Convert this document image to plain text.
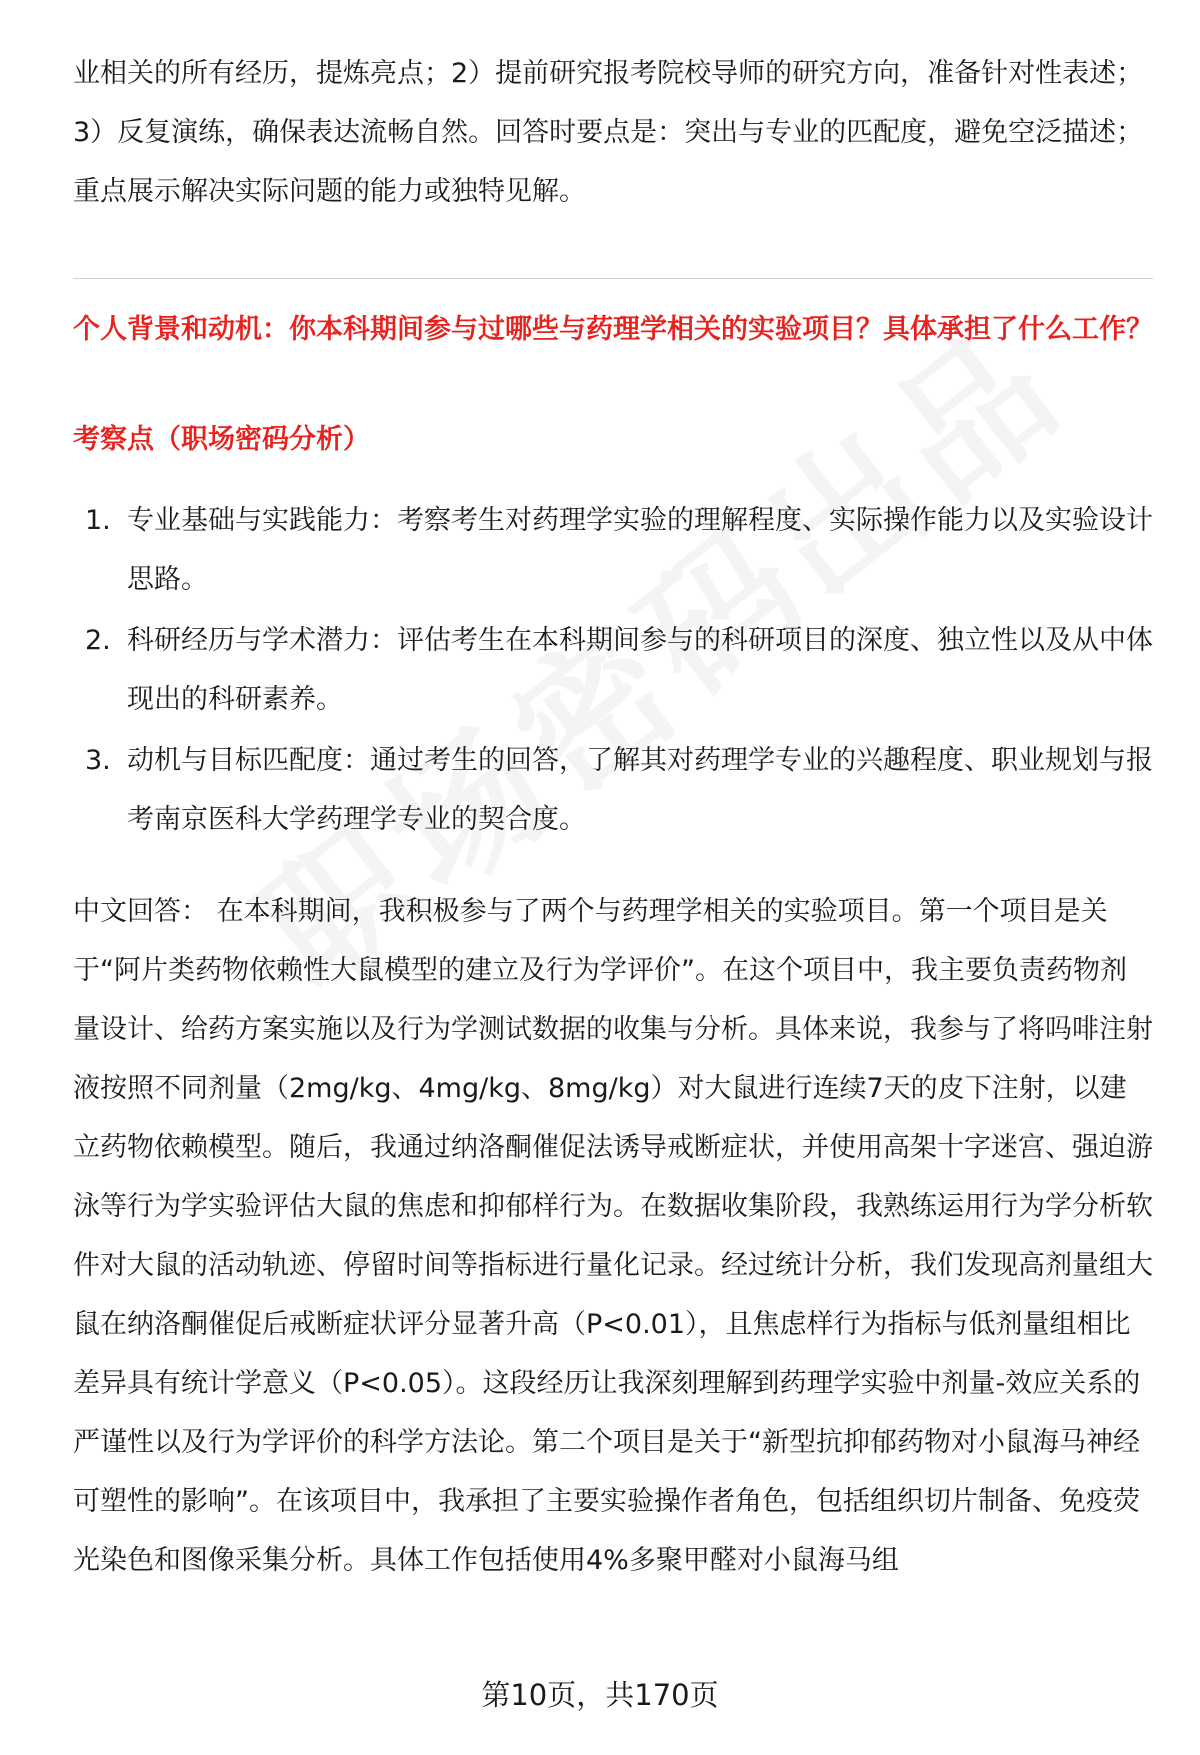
业相关的所有经历，提炼亮点；2）提前研究报考院校导师的研究方向，准备针对性表述；3）反复演练，确保表达流畅自然。回答时要点是：突出与专业的匹配度，避免空泛描述；重点展示解决实际问题的能力或独特见解。

个人背景和动机：你本科期间参与过哪些与药理学相关的实验项目？具体承担了什么工作？

考察点（职场密码分析）

1. 专业基础与实践能力：考察考生对药理学实验的理解程度、实际操作能力以及实验设计思路。
2. 科研经历与学术潜力：评估考生在本科期间参与的科研项目的深度、独立性以及从中体现出的科研素养。
3. 动机与目标匹配度：通过考生的回答，了解其对药理学专业的兴趣程度、职业规划与报考南京医科大学药理学专业的契合度。

中文回答： 在本科期间，我积极参与了两个与药理学相关的实验项目。第一个项目是关于“阿片类药物依赖性大鼠模型的建立及行为学评价”。在这个项目中，我主要负责药物剂量设计、给药方案实施以及行为学测试数据的收集与分析。具体来说，我参与了将吗啡注射液按照不同剂量（2mg/kg、4mg/kg、8mg/kg）对大鼠进行连续7天的皮下注射，以建立药物依赖模型。随后，我通过纳洛酮催促法诱导戒断症状，并使用高架十字迷宫、强迫游泳等行为学实验评估大鼠的焦虑和抑郁样行为。在数据收集阶段，我熟练运用行为学分析软件对大鼠的活动轨迹、停留时间等指标进行量化记录。经过统计分析，我们发现高剂量组大鼠在纳洛酮催促后戒断症状评分显著升高（P<0.01），且焦虑样行为指标与低剂量组相比差异具有统计学意义（P<0.05）。这段经历让我深刻理解到药理学实验中剂量-效应关系的严谨性以及行为学评价的科学方法论。第二个项目是关于“新型抗抑郁药物对小鼠海马神经可塑性的影响”。在该项目中，我承担了主要实验操作者角色，包括组织切片制备、免疫荧光染色和图像采集分析。具体工作包括使用4%多聚甲醛对小鼠海马组

第10页，共170页
